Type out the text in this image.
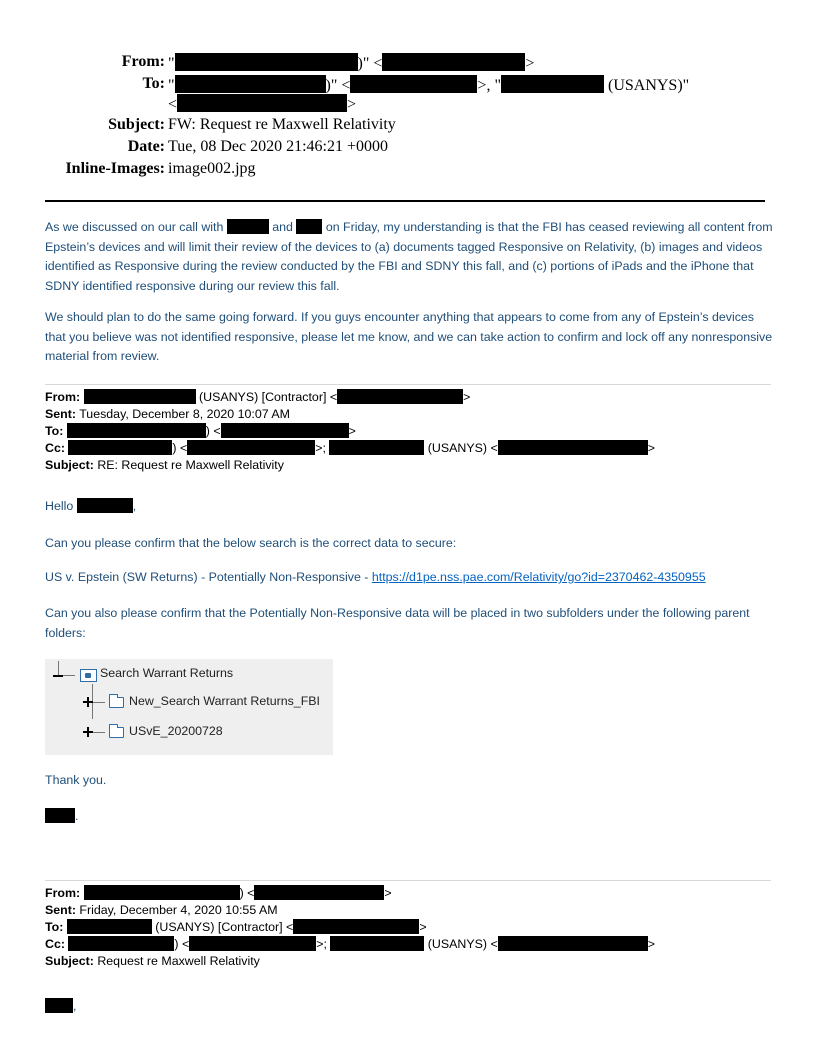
From: "	)" <	>
To: "	)" <	>, "	(USANYS)"
<	>
Subject: FW: Request re Maxwell Relativity
Date: Tue, 08 Dec 2020 21:46:21 +0000
Inline-Images: image002.jpg
As we discussed on our call with	and  on Friday, my understanding is that the FBI has ceased reviewing all content from Epstein’s devices and will limit their review of the devices to (a) documents tagged Responsive on Relativity, (b) images and videos identified as Responsive during the review conducted by the FBI and SDNY this fall, and (c) portions of iPads and the iPhone that SDNY identified responsive during our review this fall.
We should plan to do the same going forward. If you guys encounter anything that appears to come from any of Epstein’s devices that you believe was not identified responsive, please let me know, and we can take action to confirm and lock off any nonresponsive material from review.
From:	(USANYS) [Contractor] <	>
Sent: Tuesday, December 8, 2020 10:07 AM
To:	) <	>
Cc:	) <	>;	(USANYS) <	>
Subject: RE: Request re Maxwell Relativity
Hello	,
Can you please confirm that the below search is the correct data to secure:
US v. Epstein (SW Returns) - Potentially Non-Responsive - https://d1pe.nss.pae.com/Relativity/go?id=2370462-4350955
Can you also please confirm that the Potentially Non-Responsive data will be placed in two subfolders under the following parent folders:
Search Warrant Returns
New_Search Warrant Returns_FBI
USvE_20200728
Thank you.
.
From:	) <	>
Sent: Friday, December 4, 2020 10:55 AM
To:	(USANYS) [Contractor] <	>
Cc:	) <	>;	(USANYS) <	>
Subject: Request re Maxwell Relativity
,
